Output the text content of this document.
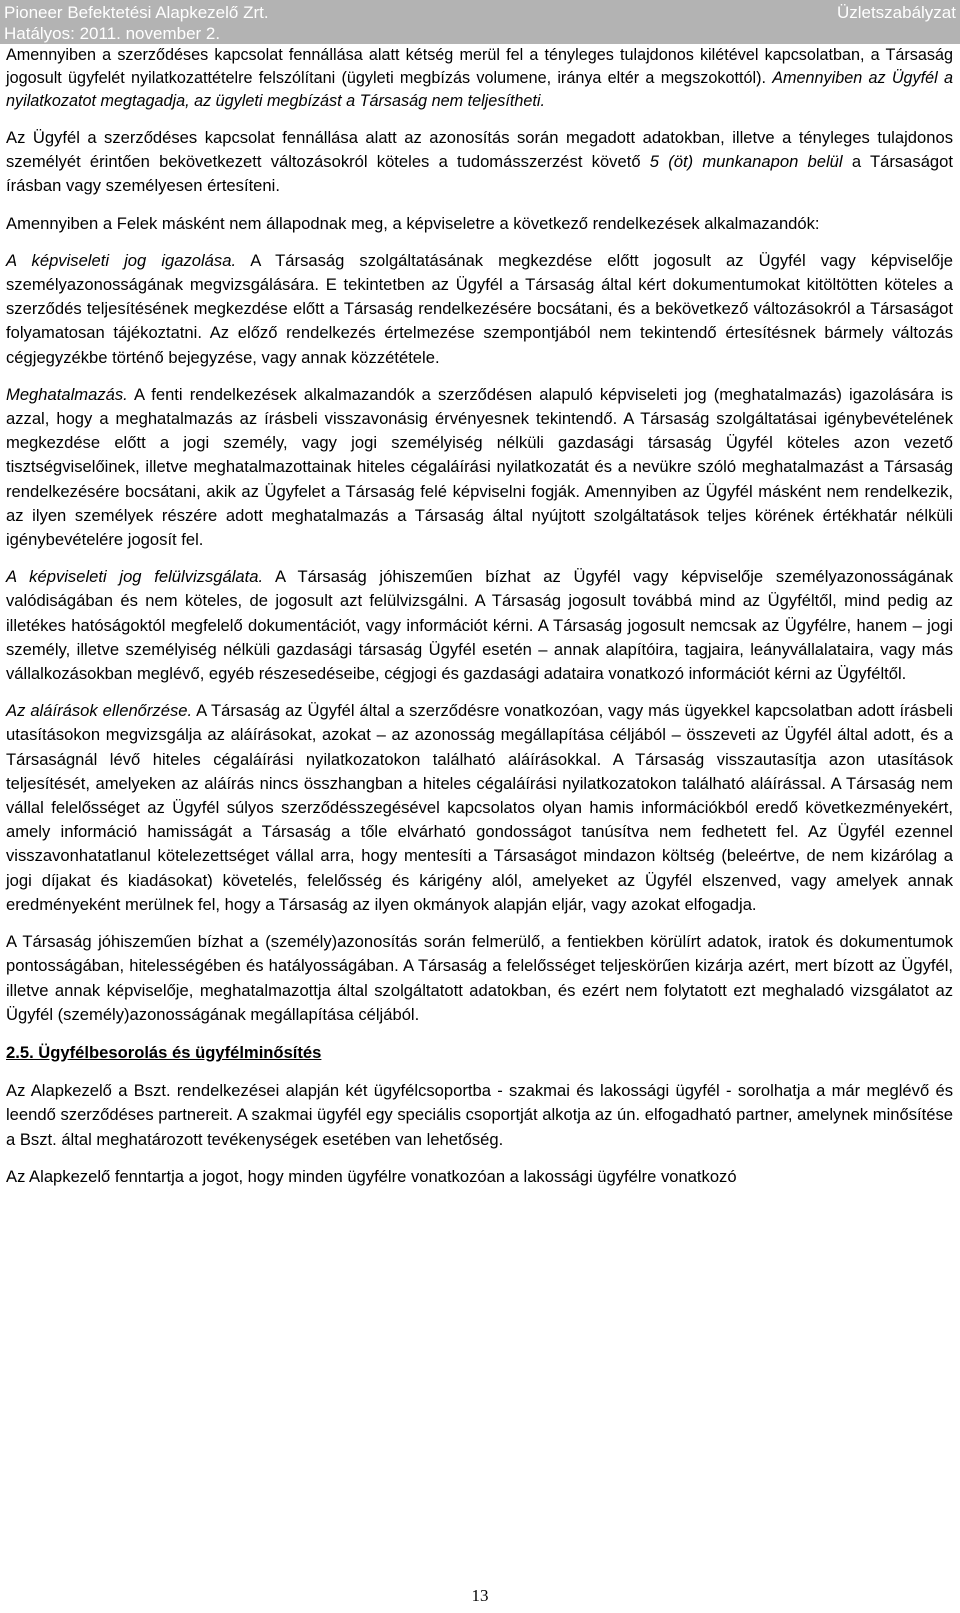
Pioneer Befektetési Alapkezelő Zrt.	Üzletszabályzat
Hatályos: 2011. november 2.

Amennyiben a szerződéses kapcsolat fennállása alatt kétség merül fel a tényleges tulajdonos kilétével kapcsolatban, a Társaság jogosult ügyfelét nyilatkozattételre felszólítani (ügyleti megbízás volumene, iránya eltér a megszokottól). Amennyiben az Ügyfél a nyilatkozatot megtagadja, az ügyleti megbízást a Társaság nem teljesítheti.

Az Ügyfél a szerződéses kapcsolat fennállása alatt az azonosítás során megadott adatokban, illetve a tényleges tulajdonos személyét érintően bekövetkezett változásokról köteles a tudomásszerzést követő 5 (öt) munkanapon belül a Társaságot írásban vagy személyesen értesíteni.

Amennyiben a Felek másként nem állapodnak meg, a képviseletre a következő rendelkezések alkalmazandók:

A képviseleti jog igazolása. A Társaság szolgáltatásának megkezdése előtt jogosult az Ügyfél vagy képviselője személyazonosságának megvizsgálására. E tekintetben az Ügyfél a Társaság által kért dokumentumokat kitöltötten köteles a szerződés teljesítésének megkezdése előtt a Társaság rendelkezésére bocsátani, és a bekövetkező változásokról a Társaságot folyamatosan tájékoztatni. Az előző rendelkezés értelmezése szempontjából nem tekintendő értesítésnek bármely változás cégjegyzékbe történő bejegyzése, vagy annak közzététele.

Meghatalmazás. A fenti rendelkezések alkalmazandók a szerződésen alapuló képviseleti jog (meghatalmazás) igazolására is azzal, hogy a meghatalmazás az írásbeli visszavonásig érvényesnek tekintendő. A Társaság szolgáltatásai igénybevételének megkezdése előtt a jogi személy, vagy jogi személyiség nélküli gazdasági társaság Ügyfél köteles azon vezető tisztségviselőinek, illetve meghatalmazottainak hiteles cégaláírási nyilatkozatát és a nevükre szóló meghatalmazást a Társaság rendelkezésére bocsátani, akik az Ügyfelet a Társaság felé képviselni fogják. Amennyiben az Ügyfél másként nem rendelkezik, az ilyen személyek részére adott meghatalmazás a Társaság által nyújtott szolgáltatások teljes körének értékhatár nélküli igénybevételére jogosít fel.

A képviseleti jog felülvizsgálata. A Társaság jóhiszeműen bízhat az Ügyfél vagy képviselője személyazonosságának valódiságában és nem köteles, de jogosult azt felülvizsgálni. A Társaság jogosult továbbá mind az Ügyféltől, mind pedig az illetékes hatóságoktól megfelelő dokumentációt, vagy információt kérni. A Társaság jogosult nemcsak az Ügyfélre, hanem – jogi személy, illetve személyiség nélküli gazdasági társaság Ügyfél esetén – annak alapítóira, tagjaira, leányvállalataira, vagy más vállalkozásokban meglévő, egyéb részesedéseibe, cégjogi és gazdasági adataira vonatkozó információt kérni az Ügyféltől.

Az aláírások ellenőrzése. A Társaság az Ügyfél által a szerződésre vonatkozóan, vagy más ügyekkel kapcsolatban adott írásbeli utasításokon megvizsgálja az aláírásokat, azokat – az azonosság megállapítása céljából – összeveti az Ügyfél által adott, és a Társaságnál lévő hiteles cégaláírási nyilatkozatokon található aláírásokkal. A Társaság visszautasítja azon utasítások teljesítését, amelyeken az aláírás nincs összhangban a hiteles cégaláírási nyilatkozatokon található aláírással. A Társaság nem vállal felelősséget az Ügyfél súlyos szerződésszegésével kapcsolatos olyan hamis információkból eredő következményekért, amely információ hamisságát a Társaság a tőle elvárható gondosságot tanúsítva nem fedhetett fel. Az Ügyfél ezennel visszavonhatatlanul kötelezettséget vállal arra, hogy mentesíti a Társaságot mindazon költség (beleértve, de nem kizárólag a jogi díjakat és kiadásokat) követelés, felelősség és kárigény alól, amelyeket az Ügyfél elszenved, vagy amelyek annak eredményeként merülnek fel, hogy a Társaság az ilyen okmányok alapján eljár, vagy azokat elfogadja.

A Társaság jóhiszeműen bízhat a (személy)azonosítás során felmerülő, a fentiekben körülírt adatok, iratok és dokumentumok pontosságában, hitelességében és hatályosságában. A Társaság a felelősséget teljeskörűen kizárja azért, mert bízott az Ügyfél, illetve annak képviselője, meghatalmazottja által szolgáltatott adatokban, és ezért nem folytatott ezt meghaladó vizsgálatot az Ügyfél (személy)azonosságának megállapítása céljából.

2.5. Ügyfélbesorolás és ügyfélminősítés

Az Alapkezelő a Bszt. rendelkezései alapján két ügyfélcsoportba - szakmai és lakossági ügyfél - sorolhatja a már meglévő és leendő szerződéses partnereit. A szakmai ügyfél egy speciális csoportját alkotja az ún. elfogadható partner, amelynek minősítése a Bszt. által meghatározott tevékenységek esetében van lehetőség.

Az Alapkezelő fenntartja a jogot, hogy minden ügyfélre vonatkozóan a lakossági ügyfélre vonatkozó

13
